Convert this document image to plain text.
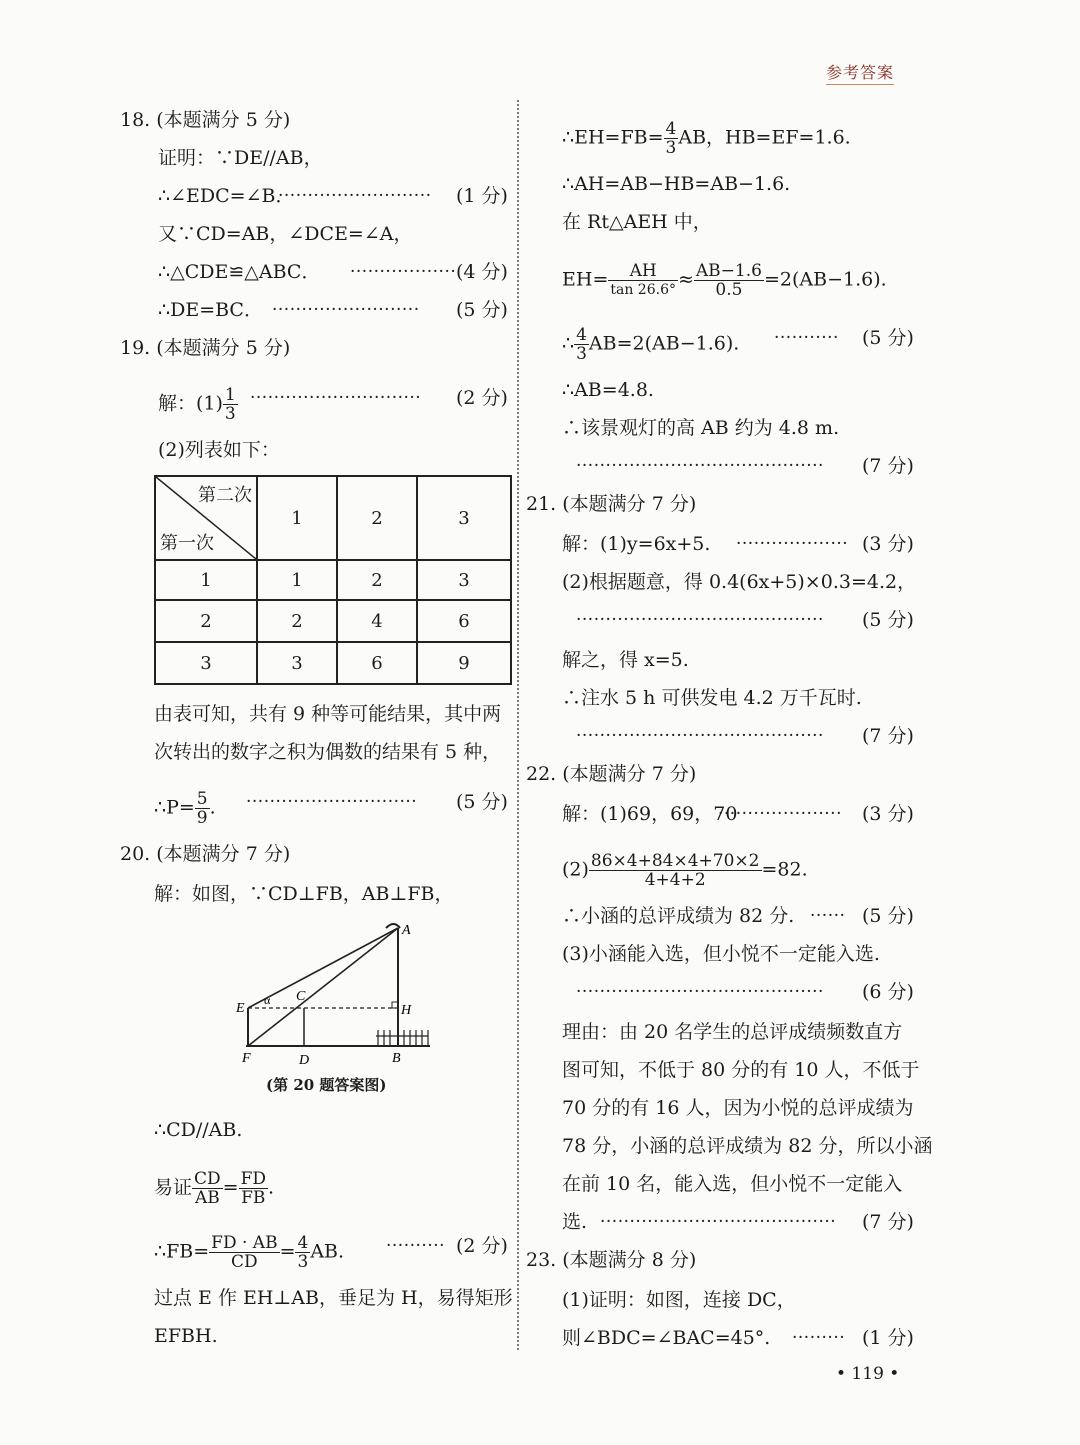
参考答案
18. (本题满分 5 分)
证明：∵DE//AB，
∴∠EDC=∠B．
·························· (1 分)
又∵CD=AB，∠DCE=∠A，
∴△CDE≌△ABC． ·················· (4 分)
∴DE=BC． ························· (5 分)
19. (本题满分 5 分)
解：$(1) \frac{1}{3}$ ····························· (2 分)
(2)列表如下：
第二次
第一次	1	2	3
1	1	2	3
2	2	4	6
3	3	6	9
由表可知，共有 9 种等可能结果，其中两
次转出的数字之积为偶数的结果有 5 种，
∴P= $\frac{5}{9}$ . ····························· (5 分)
20. (本题满分 7 分)
解：如图，∵CD⊥FB，AB⊥FB，
A
C
E	H
F	D	B
α
(第 20 题答案图)
∴CD//AB.
易证 $\frac{CD}{AB} = \frac{FD}{FB}$ .
∴FB= $\frac{FD \cdot AB}{CD} = \frac{4}{3}$ AB. ·········· (2 分)
过点 E 作 EH⊥AB，垂足为 H，易得矩形
EFBH.
∴EH=FB= $\frac{4}{3}$ AB，HB=EF=1.6.
∴AH=AB−HB=AB−1.6.
在 Rt△AEH 中，
$EH= \frac{AH}{\tan 26.6^\circ} \approx \frac{AB-1.6}{0.5} =2(AB-1.6)$.
∴ $\frac{4}{3} AB=2(AB-1.6)$. ··········· (5 分)
∴AB=4.8.
∴该景观灯的高 AB 约为 4.8 m.
·········································· (7 分)
21. (本题满分 7 分)
解：(1)y=6x+5. ··················· (3 分)
(2)根据题意，得 0.4(6x+5)×0.3=4.2，
·········································· (5 分)
解之，得 x=5.
∴注水 5 h 可供发电 4.2 万千瓦时.
·········································· (7 分)
22. (本题满分 7 分)
解：(1)69，69，70
····················· (3 分)
$(2) \frac{86\times 4+84\times 4+70\times 2}{4+4+2} =82$.
∴小涵的总评成绩为 82 分. ······ (5 分)
(3)小涵能入选，但小悦不一定能入选.
·········································· (6 分)
理由：由 20 名学生的总评成绩频数直方
图可知，不低于 80 分的有 10 人，不低于
70 分的有 16 人，因为小悦的总评成绩为
78 分，小涵的总评成绩为 82 分，所以小涵
在前 10 名，能入选，但小悦不一定能入
选. ········································ (7 分)
23. (本题满分 8 分)
(1)证明：如图，连接 DC，
则∠BDC=∠BAC=45°. ········· (1 分)
• 119 •
